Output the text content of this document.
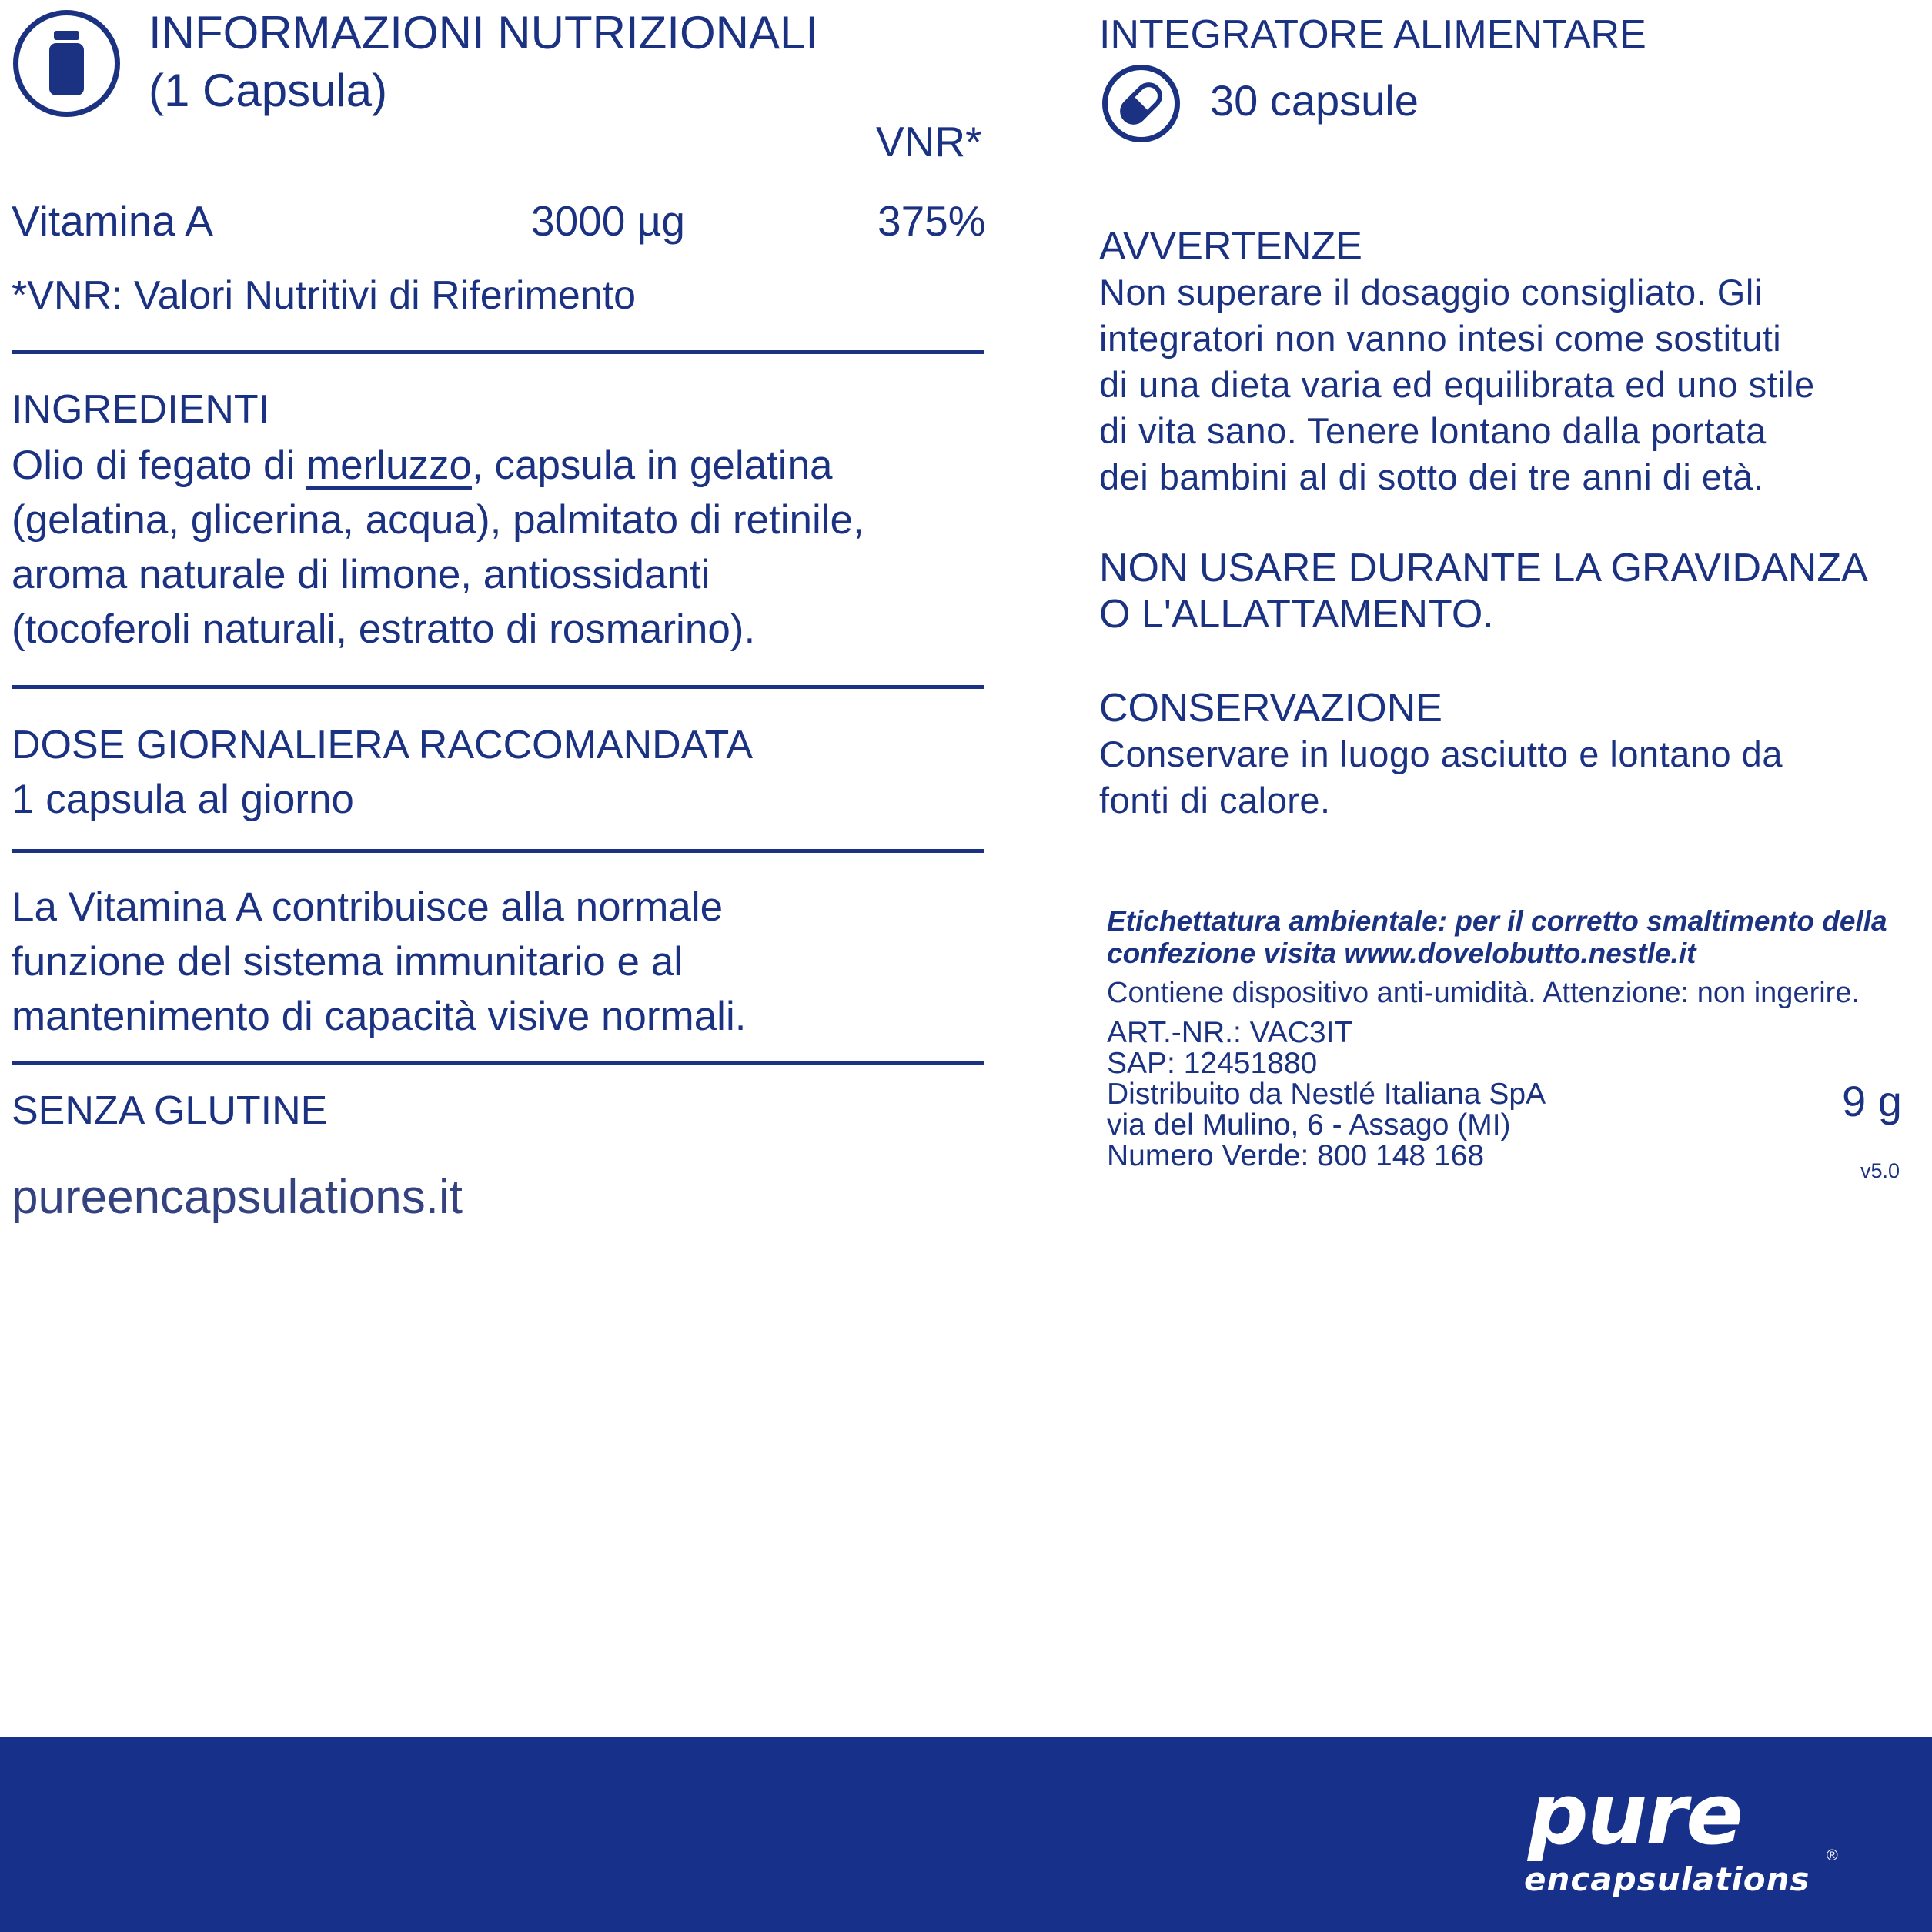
INFORMAZIONI NUTRIZIONALI
(1 Capsula)
VNR*
Vitamina A	3000 µg	375%
*VNR: Valori Nutritivi di Riferimento
INGREDIENTI
Olio di fegato di merluzzo, capsula in gelatina
(gelatina, glicerina, acqua), palmitato di retinile,
aroma naturale di limone, antiossidanti
(tocoferoli naturali, estratto di rosmarino).
DOSE GIORNALIERA RACCOMANDATA
1 capsula al giorno
La Vitamina A contribuisce alla normale
funzione del sistema immunitario e al
mantenimento di capacità visive normali.
SENZA GLUTINE
pureencapsulations.it
INTEGRATORE ALIMENTARE
30 capsule
AVVERTENZE
Non superare il dosaggio consigliato. Gli
integratori non vanno intesi come sostituti
di una dieta varia ed equilibrata ed uno stile
di vita sano. Tenere lontano dalla portata
dei bambini al di sotto dei tre anni di età.
NON USARE DURANTE LA GRAVIDANZA
O L'ALLATTAMENTO.
CONSERVAZIONE
Conservare in luogo asciutto e lontano da
fonti di calore.
Etichettatura ambientale: per il corretto smaltimento della
confezione visita www.dovelobutto.nestle.it
Contiene dispositivo anti-umidità. Attenzione: non ingerire.
ART.-NR.: VAC3IT
SAP: 12451880
Distribuito da Nestlé Italiana SpA
via del Mulino, 6 - Assago (MI)
Numero Verde: 800 148 168
9 g
v5.0
pure
encapsulations
®
